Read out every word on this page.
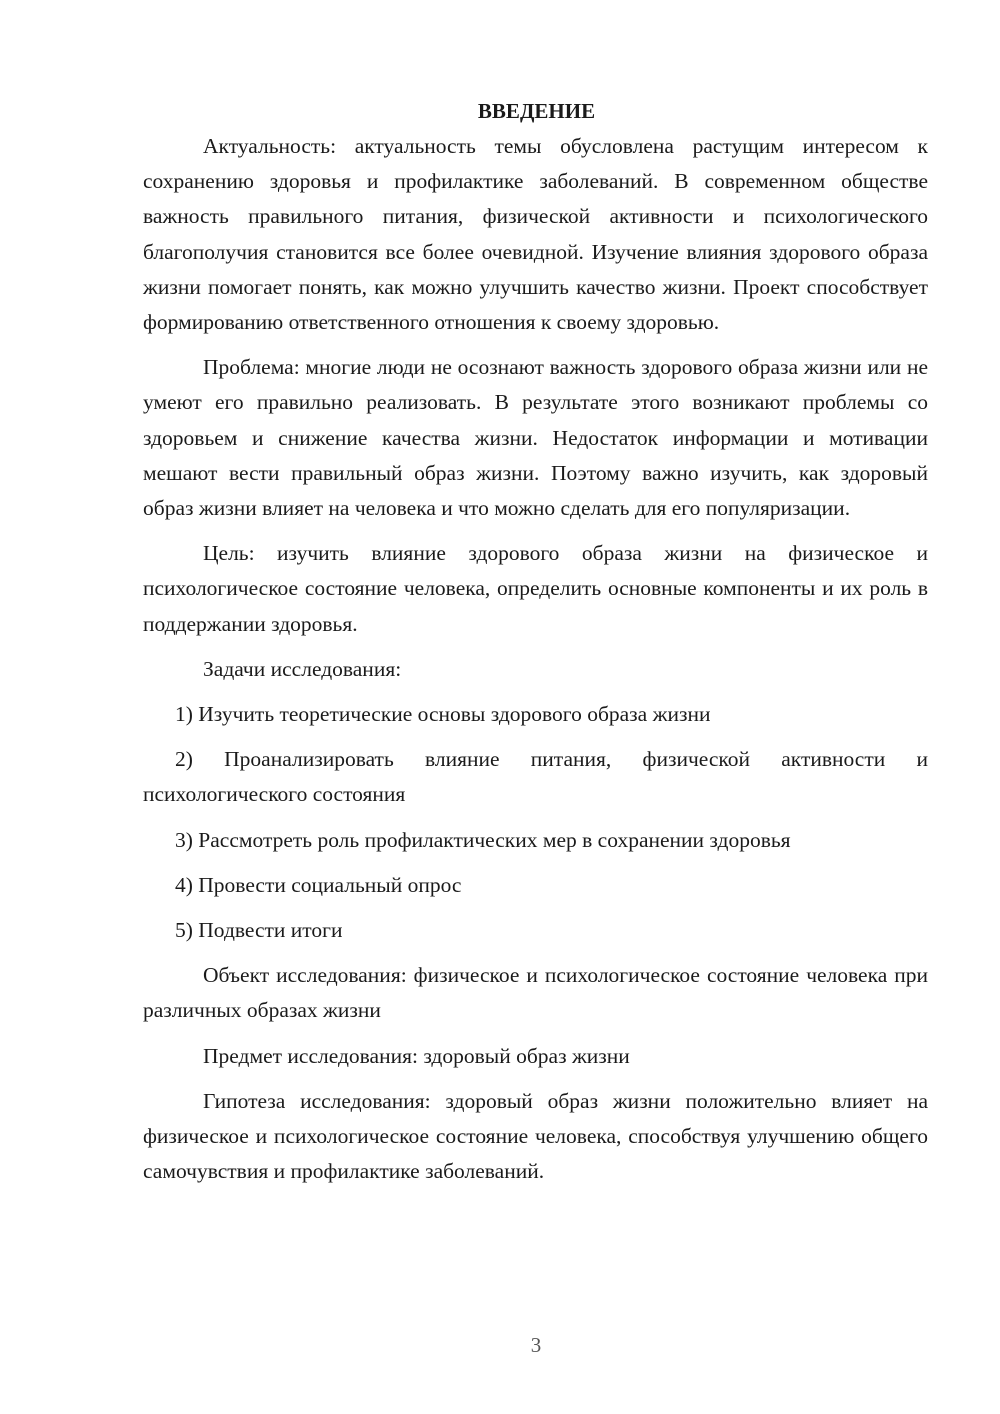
ВВЕДЕНИЕ

Актуальность: актуальность темы обусловлена растущим интересом к сохранению здоровья и профилактике заболеваний. В современном обществе важность правильного питания, физической активности и психологического благополучия становится все более очевидной. Изучение влияния здорового образа жизни помогает понять, как можно улучшить качество жизни. Проект способствует формированию ответственного отношения к своему здоровью.

Проблема: многие люди не осознают важность здорового образа жизни или не умеют его правильно реализовать. В результате этого возникают проблемы со здоровьем и снижение качества жизни. Недостаток информации и мотивации мешают вести правильный образ жизни. Поэтому важно изучить, как здоровый образ жизни влияет на человека и что можно сделать для его популяризации.

Цель: изучить влияние здорового образа жизни на физическое и психологическое состояние человека, определить основные компоненты и их роль в поддержании здоровья.

Задачи исследования:

1) Изучить теоретические основы здорового образа жизни

2) Проанализировать влияние питания, физической активности и психологического состояния

3) Рассмотреть роль профилактических мер в сохранении здоровья

4) Провести социальный опрос

5) Подвести итоги

Объект исследования: физическое и психологическое состояние человека при различных образах жизни

Предмет исследования: здоровый образ жизни

Гипотеза исследования: здоровый образ жизни положительно влияет на физическое и психологическое состояние человека, способствуя улучшению общего самочувствия и профилактике заболеваний.

3
